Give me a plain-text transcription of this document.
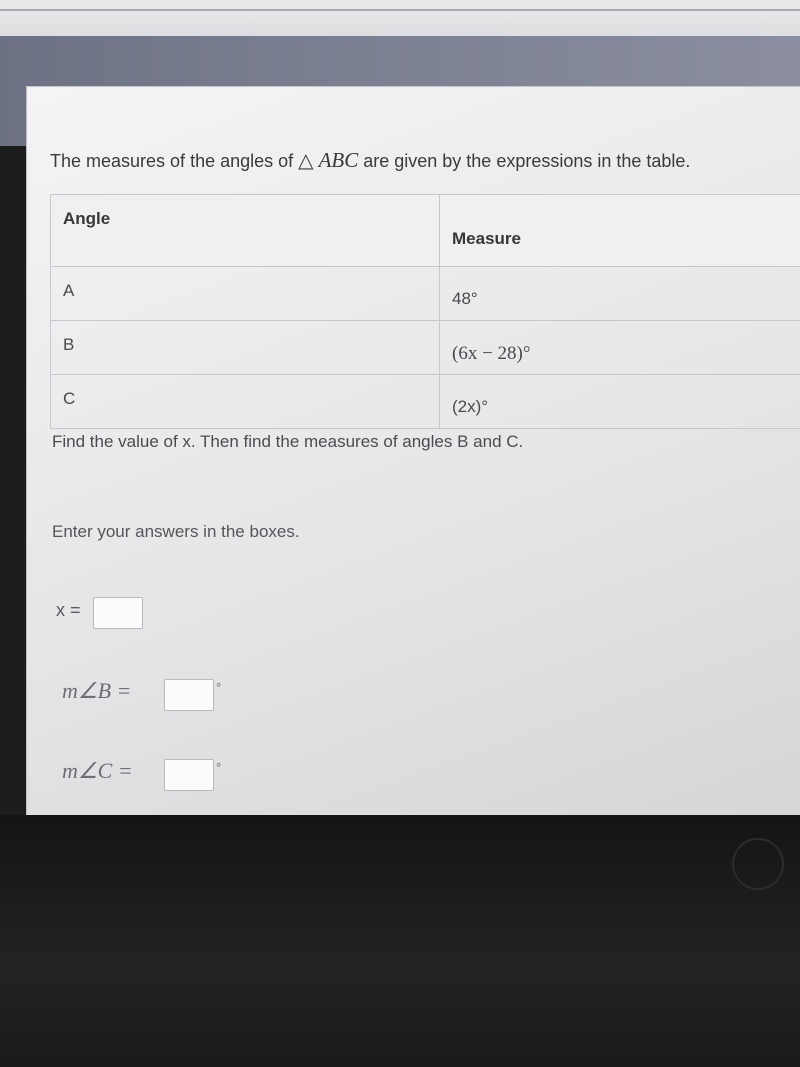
The measures of the angles of △ ABC are given by the expressions in the table.
Angle	Measure

A	48°

B	(6x − 28)°

C	(2x)°
Find the value of x. Then find the measures of angles B and C.
Enter your answers in the boxes.
x =
m∠B =	°
m∠C =	°
